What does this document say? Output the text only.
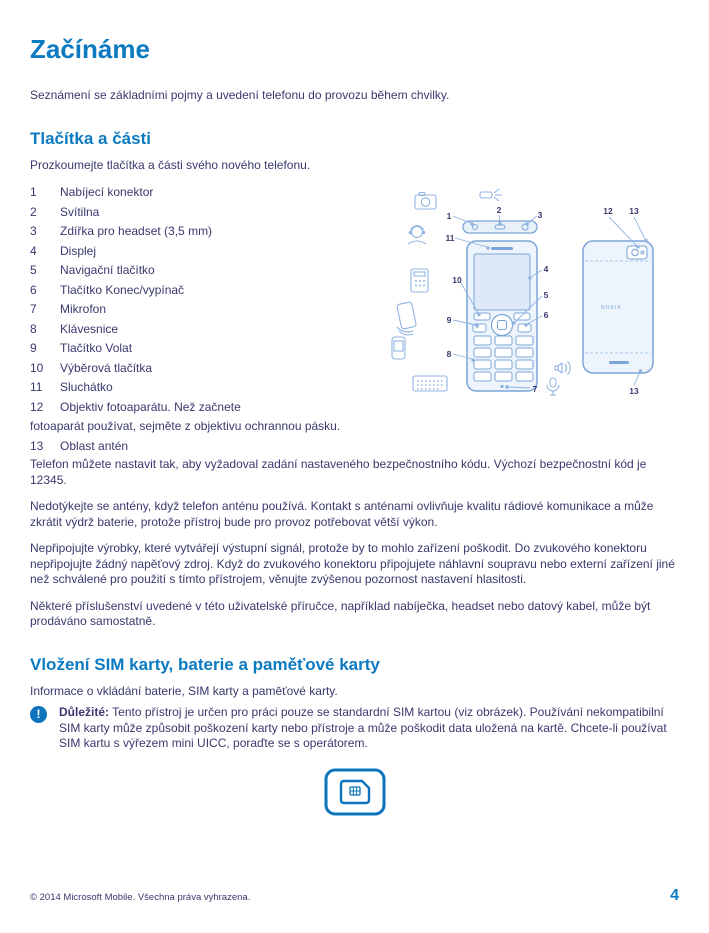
Začínáme

Seznámení se základními pojmy a uvedení telefonu do provozu během chvilky.

Tlačítka a části

Prozkoumejte tlačítka a části svého nového telefonu.

1 Nabíjecí konektor
2 Svítilna
3 Zdířka pro headset (3,5 mm)
4 Displej
5 Navigační tlačítko
6 Tlačítko Konec/vypínač
7 Mikrofon
8 Klávesnice
9 Tlačítko Volat
10 Výběrová tlačítka
11 Sluchátko
12 Objektiv fotoaparátu. Než začnete
fotoaparát používat, sejměte z objektivu ochrannou pásku.
13 Oblast antén
NOKIA
1
2	3
11
10
9
8
5
6
4
7
12 13
13

Telefon můžete nastavit tak, aby vyžadoval zadání nastaveného bezpečnostního kódu. Výchozí bezpečnostní kód je 12345.

Nedotýkejte se antény, když telefon anténu používá. Kontakt s anténami ovlivňuje kvalitu rádiové komunikace a může zkrátit výdrž baterie, protože přístroj bude pro provoz potřebovat větší výkon.

Nepřipojujte výrobky, které vytvářejí výstupní signál, protože by to mohlo zařízení poškodit. Do zvukového konektoru nepřipojujte žádný napěťový zdroj. Když do zvukového konektoru připojujete náhlavní soupravu nebo externí zařízení jiné než schválené pro použití s tímto přístrojem, věnujte zvýšenou pozornost nastavení hlasitosti.

Některé příslušenství uvedené v této uživatelské příručce, například nabíječka, headset nebo datový kabel, může být prodáváno samostatně.

Vložení SIM karty, baterie a paměťové karty

Informace o vkládání baterie, SIM karty a paměťové karty.

!	Důležité: Tento přístroj je určen pro práci pouze se standardní SIM kartou (viz obrázek). Používání nekompatibilní SIM karty může způsobit poškození karty nebo přístroje a může poškodit data uložená na kartě. Chcete-li používat SIM kartu s výřezem mini UICC, poraďte se s operátorem.

© 2014 Microsoft Mobile. Všechna práva vyhrazena.	4
